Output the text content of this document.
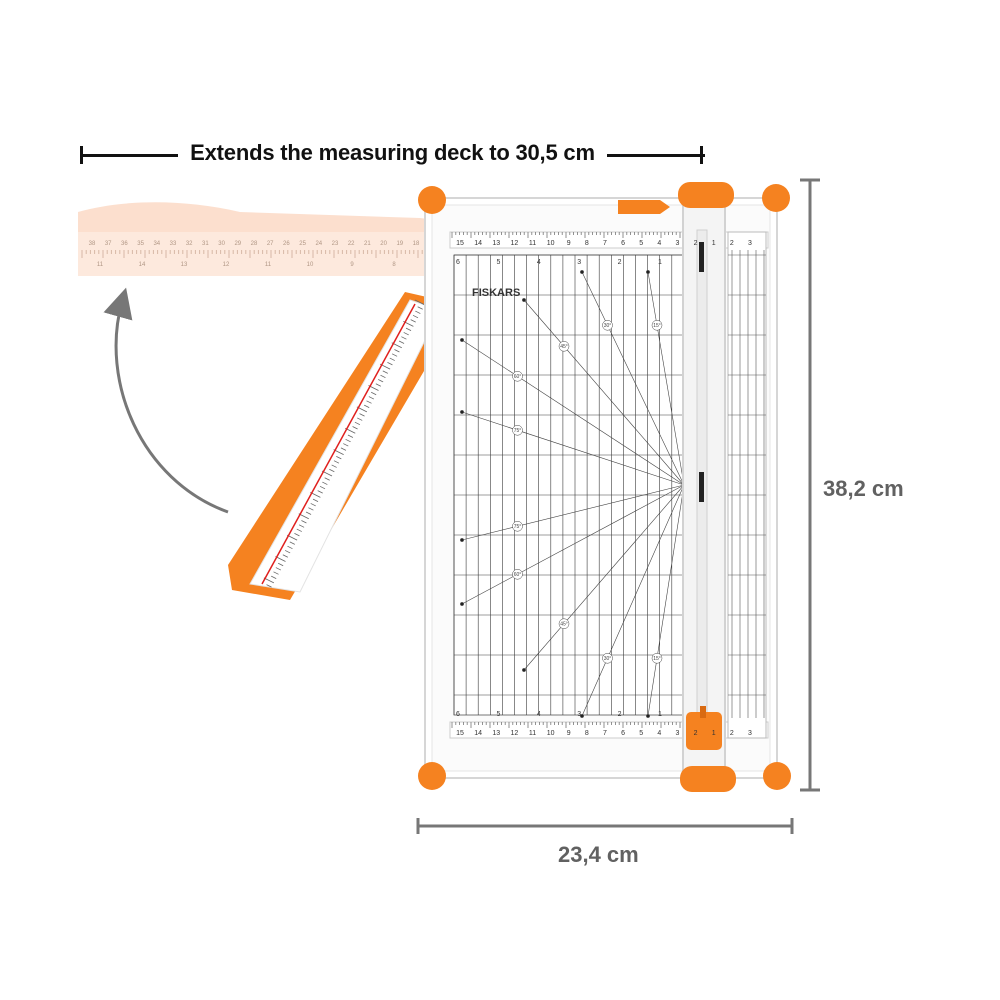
Extends the measuring deck to 30,5 cm
FISKARS
15 14 13 12 11 10 9 8 7 6 5 4 3 2 1 2 3
15 14 13 12 11 10 9 8 7 6 5 4 3 2 1 2 3
6	5	4	3	2	1
6	5	4	3	2	1
15°
30°
45°
60°
75°
75°
60°
45°
30°	15°
38 37 36 35 34 33 32 31 30 29 28 27 26 25 24 23 22 21 20 19 18
11	14	13	12	11	10	9	8
38,2 cm
23,4 cm
